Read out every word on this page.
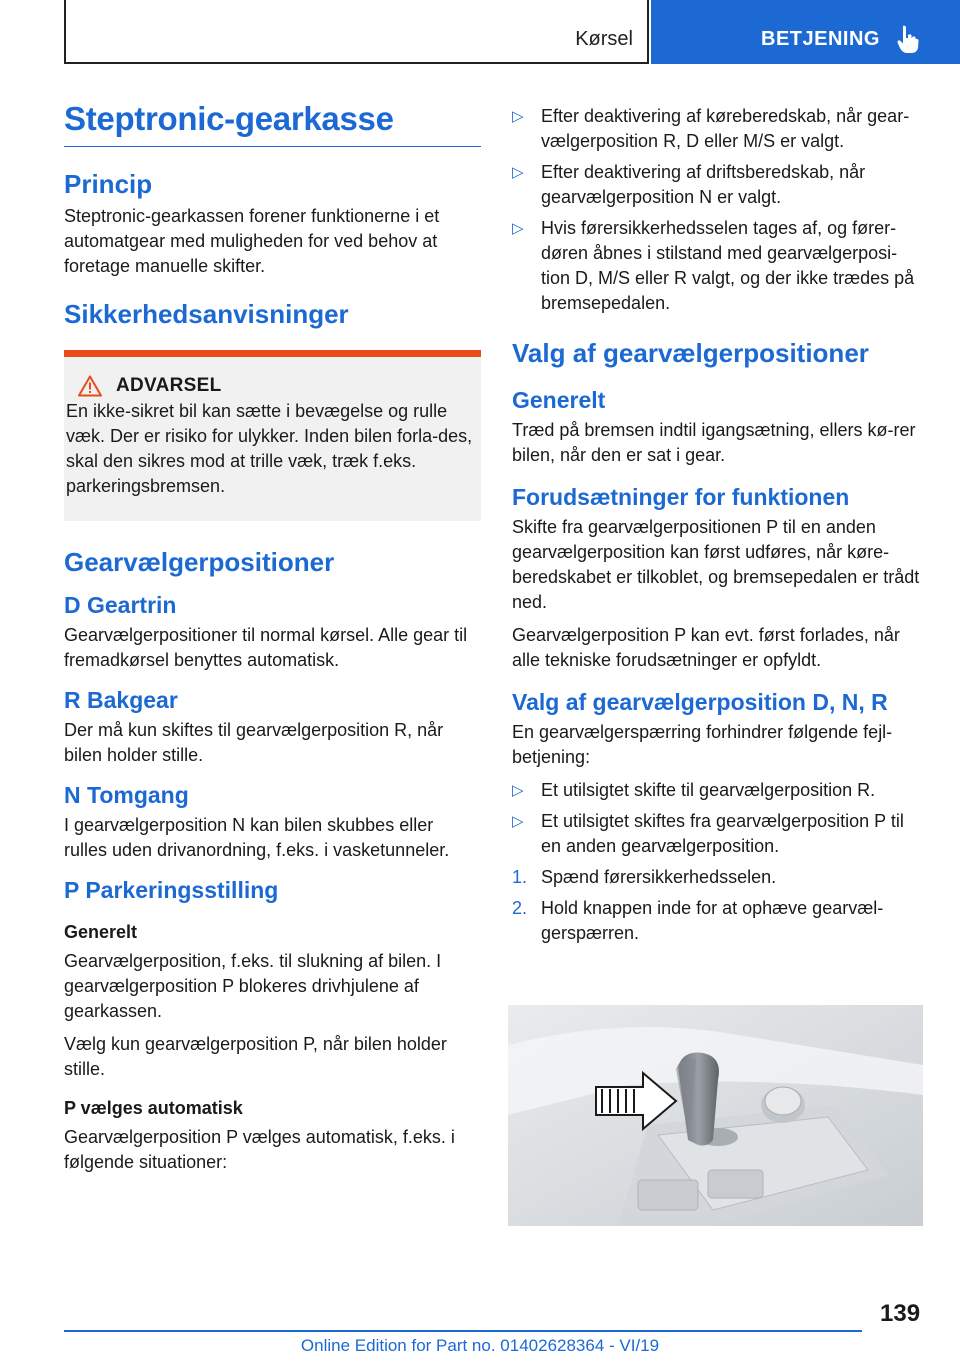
Kørsel	BETJENING
Steptronic-gearkasse
Princip

Steptronic-gearkassen forener funktionerne i et automatgear med muligheden for ved behov at foretage manuelle skifter.

Sikkerhedsanvisninger
ADVARSEL

En ikke-sikret bil kan sætte i bevægelse og rulle væk. Der er risiko for ulykker. Inden bilen forla-des, skal den sikres mod at trille væk, træk f.eks. parkeringsbremsen.

Gearvælgerpositioner
D Geartrin

Gearvælgerpositioner til normal kørsel. Alle gear til fremadkørsel benyttes automatisk.

R Bakgear

Der må kun skiftes til gearvælgerposition R, når bilen holder stille.

N Tomgang

I gearvælgerposition N kan bilen skubbes eller rulles uden drivanordning, f.eks. i vasketunneler.

P Parkeringsstilling
Generelt

Gearvælgerposition, f.eks. til slukning af bilen. I gearvælgerposition P blokeres drivhjulene af gearkassen.

Vælg kun gearvælgerposition P, når bilen holder stille.

P vælges automatisk

Gearvælgerposition P vælges automatisk, f.eks. i følgende situationer:

▷ Efter deaktivering af køreberedskab, når gear-vælgerposition R, D eller M/S er valgt.
▷ Efter deaktivering af driftsberedskab, når gearvælgerposition N er valgt.
▷ Hvis førersikkerhedsselen tages af, og fører-døren åbnes i stilstand med gearvælgerposi-tion D, M/S eller R valgt, og der ikke trædes på bremsepedalen.
Valg af gearvælgerpositioner
Generelt

Træd på bremsen indtil igangsætning, ellers kø-rer bilen, når den er sat i gear.

Forudsætninger for funktionen

Skifte fra gearvælgerpositionen P til en anden gearvælgerposition kan først udføres, når køre-beredskabet er tilkoblet, og bremsepedalen er trådt ned.

Gearvælgerposition P kan evt. først forlades, når alle tekniske forudsætninger er opfyldt.

Valg af gearvælgerposition D, N, R

En gearvælgerspærring forhindrer følgende fejl-betjening:

▷ Et utilsigtet skifte til gearvælgerposition R.
▷ Et utilsigtet skiftes fra gearvælgerposition P til en anden gearvælgerposition.
1. Spænd førersikkerhedsselen.
2. Hold knappen inde for at ophæve gearvæl-gerspærren.
139
Online Edition for Part no. 01402628364 - VI/19
